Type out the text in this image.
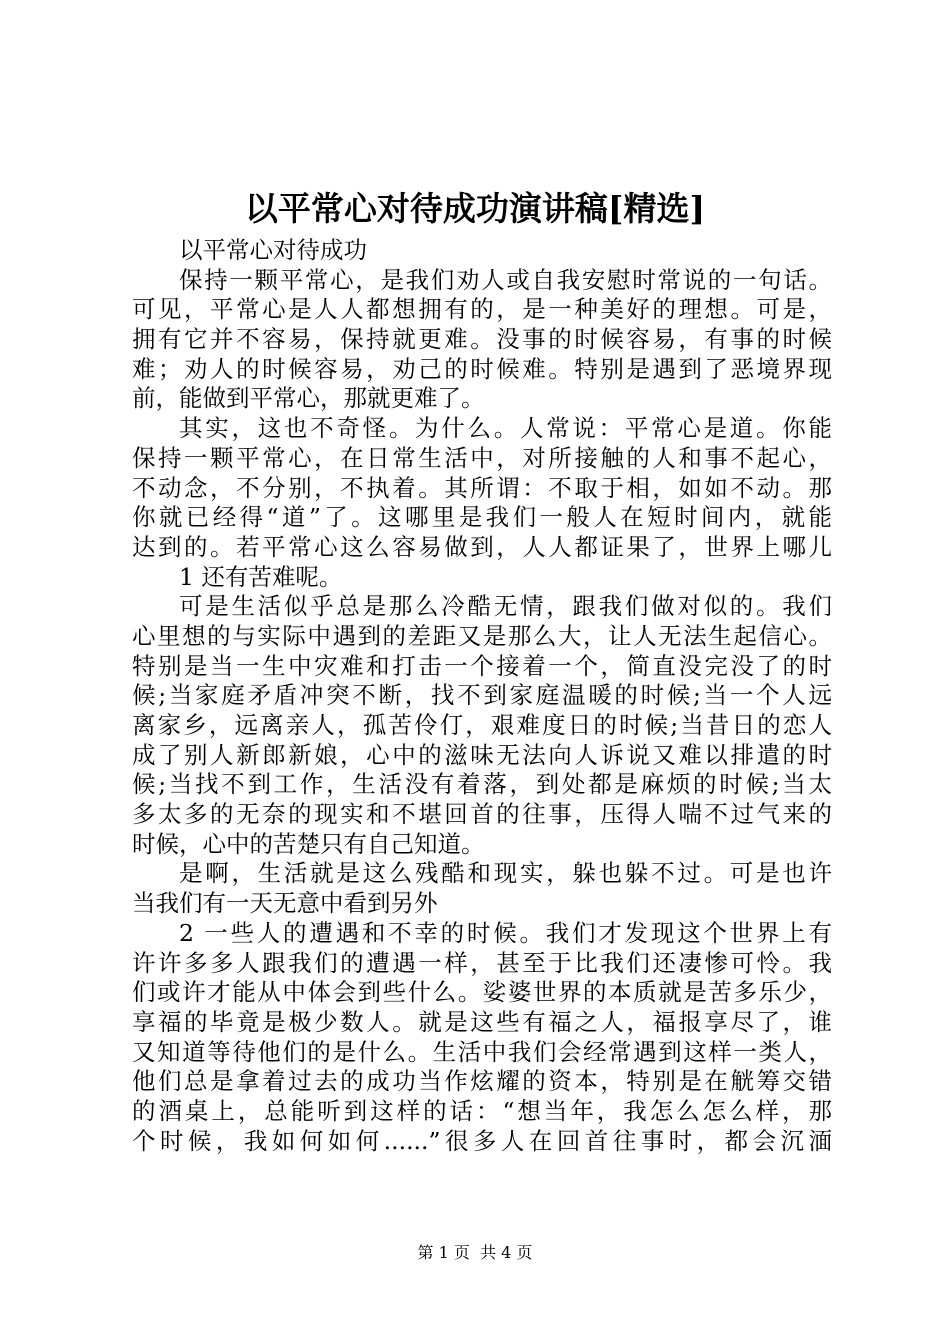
以平常心对待成功演讲稿[精选]
以平常心对待成功
保持一颗平常心，是我们劝人或自我安慰时常说的一句话。
可见，平常心是人人都想拥有的，是一种美好的理想。可是，
拥有它并不容易，保持就更难。没事的时候容易，有事的时候
难；劝人的时候容易，劝己的时候难。特别是遇到了恶境界现
前，能做到平常心，那就更难了。
其实，这也不奇怪。为什么。人常说：平常心是道。你能
保持一颗平常心，在日常生活中，对所接触的人和事不起心，
不动念，不分别，不执着。其所谓：不取于相，如如不动。那
你就已经得“道”了。这哪里是我们一般人在短时间内，就能
达到的。若平常心这么容易做到，人人都证果了，世界上哪儿
1 还有苦难呢。
可是生活似乎总是那么冷酷无情，跟我们做对似的。我们
心里想的与实际中遇到的差距又是那么大，让人无法生起信心。
特别是当一生中灾难和打击一个接着一个，简直没完没了的时
候;当家庭矛盾冲突不断，找不到家庭温暖的时候;当一个人远
离家乡，远离亲人，孤苦伶仃，艰难度日的时候;当昔日的恋人
成了别人新郎新娘，心中的滋味无法向人诉说又难以排遣的时
候;当找不到工作，生活没有着落，到处都是麻烦的时候;当太
多太多的无奈的现实和不堪回首的往事，压得人喘不过气来的
时候，心中的苦楚只有自己知道。
是啊，生活就是这么残酷和现实，躲也躲不过。可是也许
当我们有一天无意中看到另外
2 一些人的遭遇和不幸的时候。我们才发现这个世界上有
许许多多人跟我们的遭遇一样，甚至于比我们还凄惨可怜。我
们或许才能从中体会到些什么。娑婆世界的本质就是苦多乐少，
享福的毕竟是极少数人。就是这些有福之人，福报享尽了，谁
又知道等待他们的是什么。生活中我们会经常遇到这样一类人，
他们总是拿着过去的成功当作炫耀的资本，特别是在觥筹交错
的酒桌上，总能听到这样的话：“想当年，我怎么怎么样，那
个时候，我如何如何......”很多人在回首往事时，都会沉湎
第 1 页  共 4 页
